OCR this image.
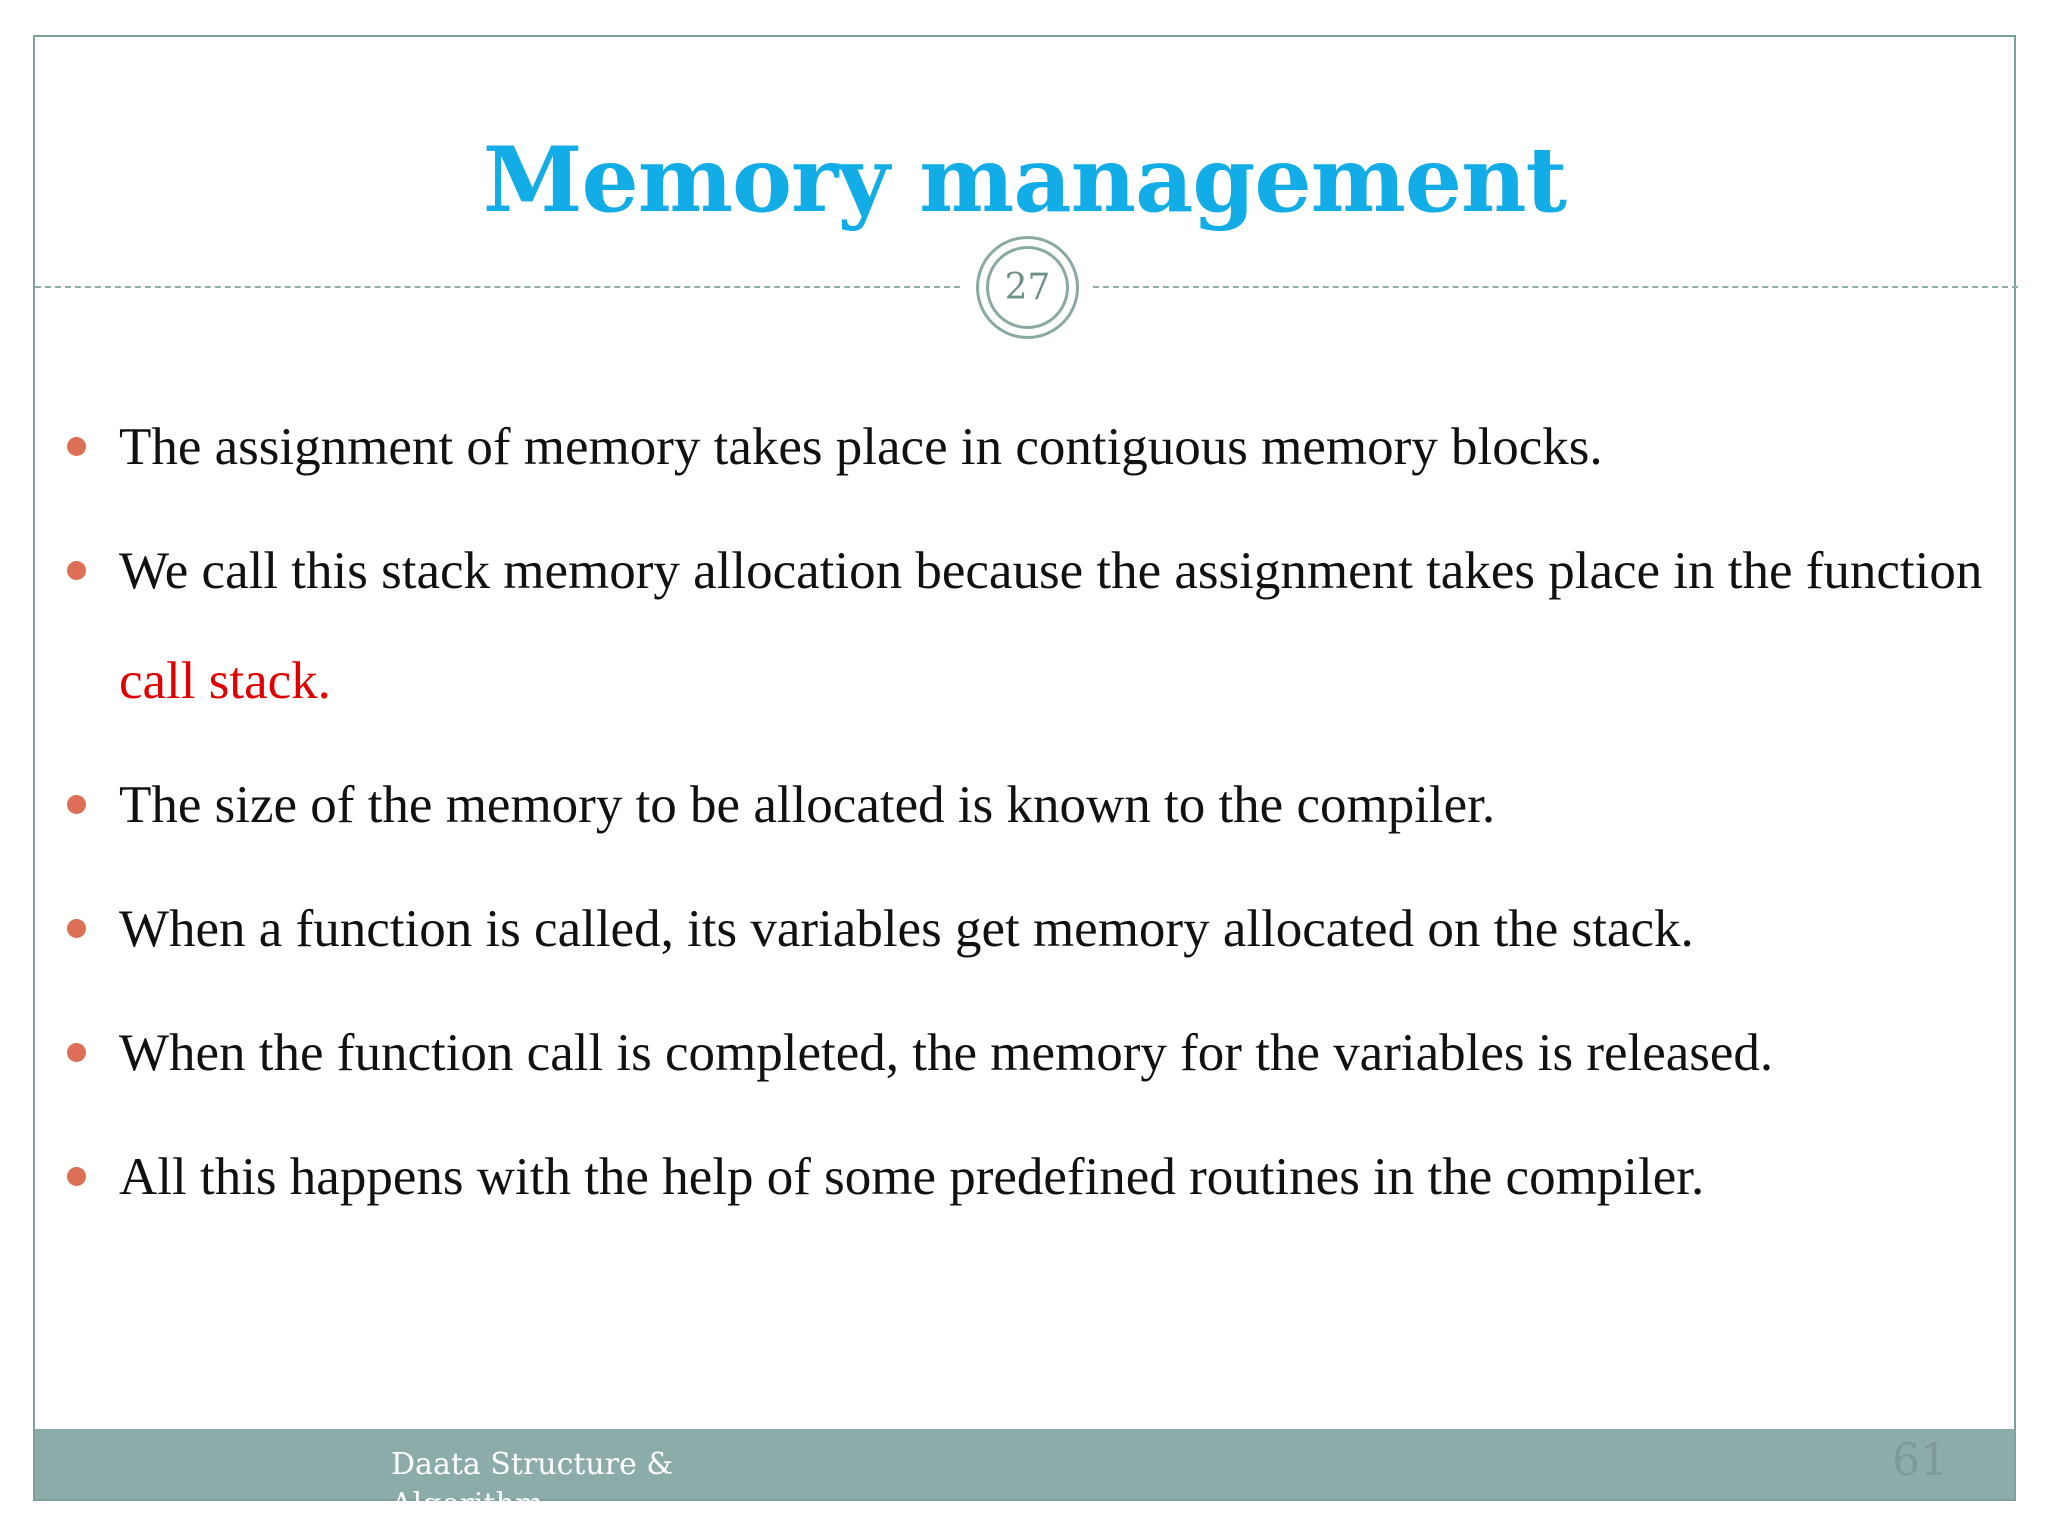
Memory management
27
The assignment of memory takes place in contiguous memory blocks.
We call this stack memory allocation because the assignment takes place in the function call stack.
The size of the memory to be allocated is known to the compiler.
When a function is called, its variables get memory allocated on the stack.
When the function call is completed, the memory for the variables is released.
All this happens with the help of some predefined routines in the compiler.
Daata Structure & Algorithm
61
